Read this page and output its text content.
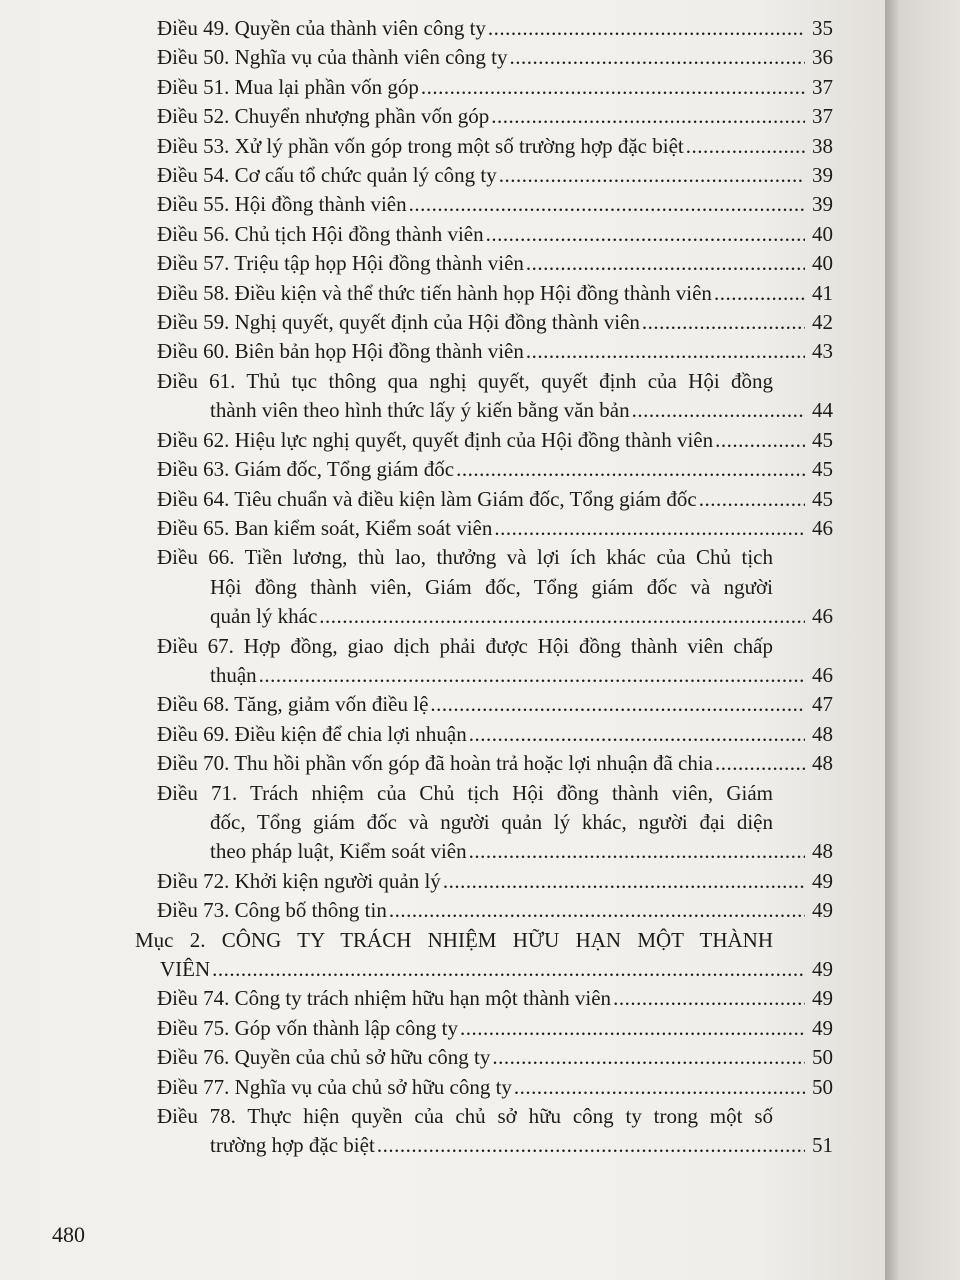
Điều 49. Quyền của thành viên công ty .....	35
Điều 50. Nghĩa vụ của thành viên công ty .....	36
Điều 51. Mua lại phần vốn góp .....	37
Điều 52. Chuyển nhượng phần vốn góp .....	37
Điều 53. Xử lý phần vốn góp trong một số trường hợp đặc biệt .....	38
Điều 54. Cơ cấu tổ chức quản lý công ty .....	39
Điều 55. Hội đồng thành viên .....	39
Điều 56. Chủ tịch Hội đồng thành viên .....	40
Điều 57. Triệu tập họp Hội đồng thành viên .....	40
Điều 58. Điều kiện và thể thức tiến hành họp Hội đồng thành viên .....	41
Điều 59. Nghị quyết, quyết định của Hội đồng thành viên .....	42
Điều 60. Biên bản họp Hội đồng thành viên .....	43
Điều 61. Thủ tục thông qua nghị quyết, quyết định của Hội đồng
thành viên theo hình thức lấy ý kiến bằng văn bản .....	44
Điều 62. Hiệu lực nghị quyết, quyết định của Hội đồng thành viên .....	45
Điều 63. Giám đốc, Tổng giám đốc .....	45
Điều 64. Tiêu chuẩn và điều kiện làm Giám đốc, Tổng giám đốc .....	45
Điều 65. Ban kiểm soát, Kiểm soát viên .....	46
Điều 66. Tiền lương, thù lao, thưởng và lợi ích khác của Chủ tịch
Hội đồng thành viên, Giám đốc, Tổng giám đốc và người
quản lý khác .....	46
Điều 67. Hợp đồng, giao dịch phải được Hội đồng thành viên chấp
thuận .....	46
Điều 68. Tăng, giảm vốn điều lệ .....	47
Điều 69. Điều kiện để chia lợi nhuận .....	48
Điều 70. Thu hồi phần vốn góp đã hoàn trả hoặc lợi nhuận đã chia .....	48
Điều 71. Trách nhiệm của Chủ tịch Hội đồng thành viên, Giám
đốc, Tổng giám đốc và người quản lý khác, người đại diện
theo pháp luật, Kiểm soát viên .....	48
Điều 72. Khởi kiện người quản lý .....	49
Điều 73. Công bố thông tin .....	49
Mục 2. CÔNG TY TRÁCH NHIỆM HỮU HẠN MỘT THÀNH
VIÊN .....	49
Điều 74. Công ty trách nhiệm hữu hạn một thành viên .....	49
Điều 75. Góp vốn thành lập công ty .....	49
Điều 76. Quyền của chủ sở hữu công ty .....	50
Điều 77. Nghĩa vụ của chủ sở hữu công ty .....	50
Điều 78. Thực hiện quyền của chủ sở hữu công ty trong một số
trường hợp đặc biệt .....	51
480
